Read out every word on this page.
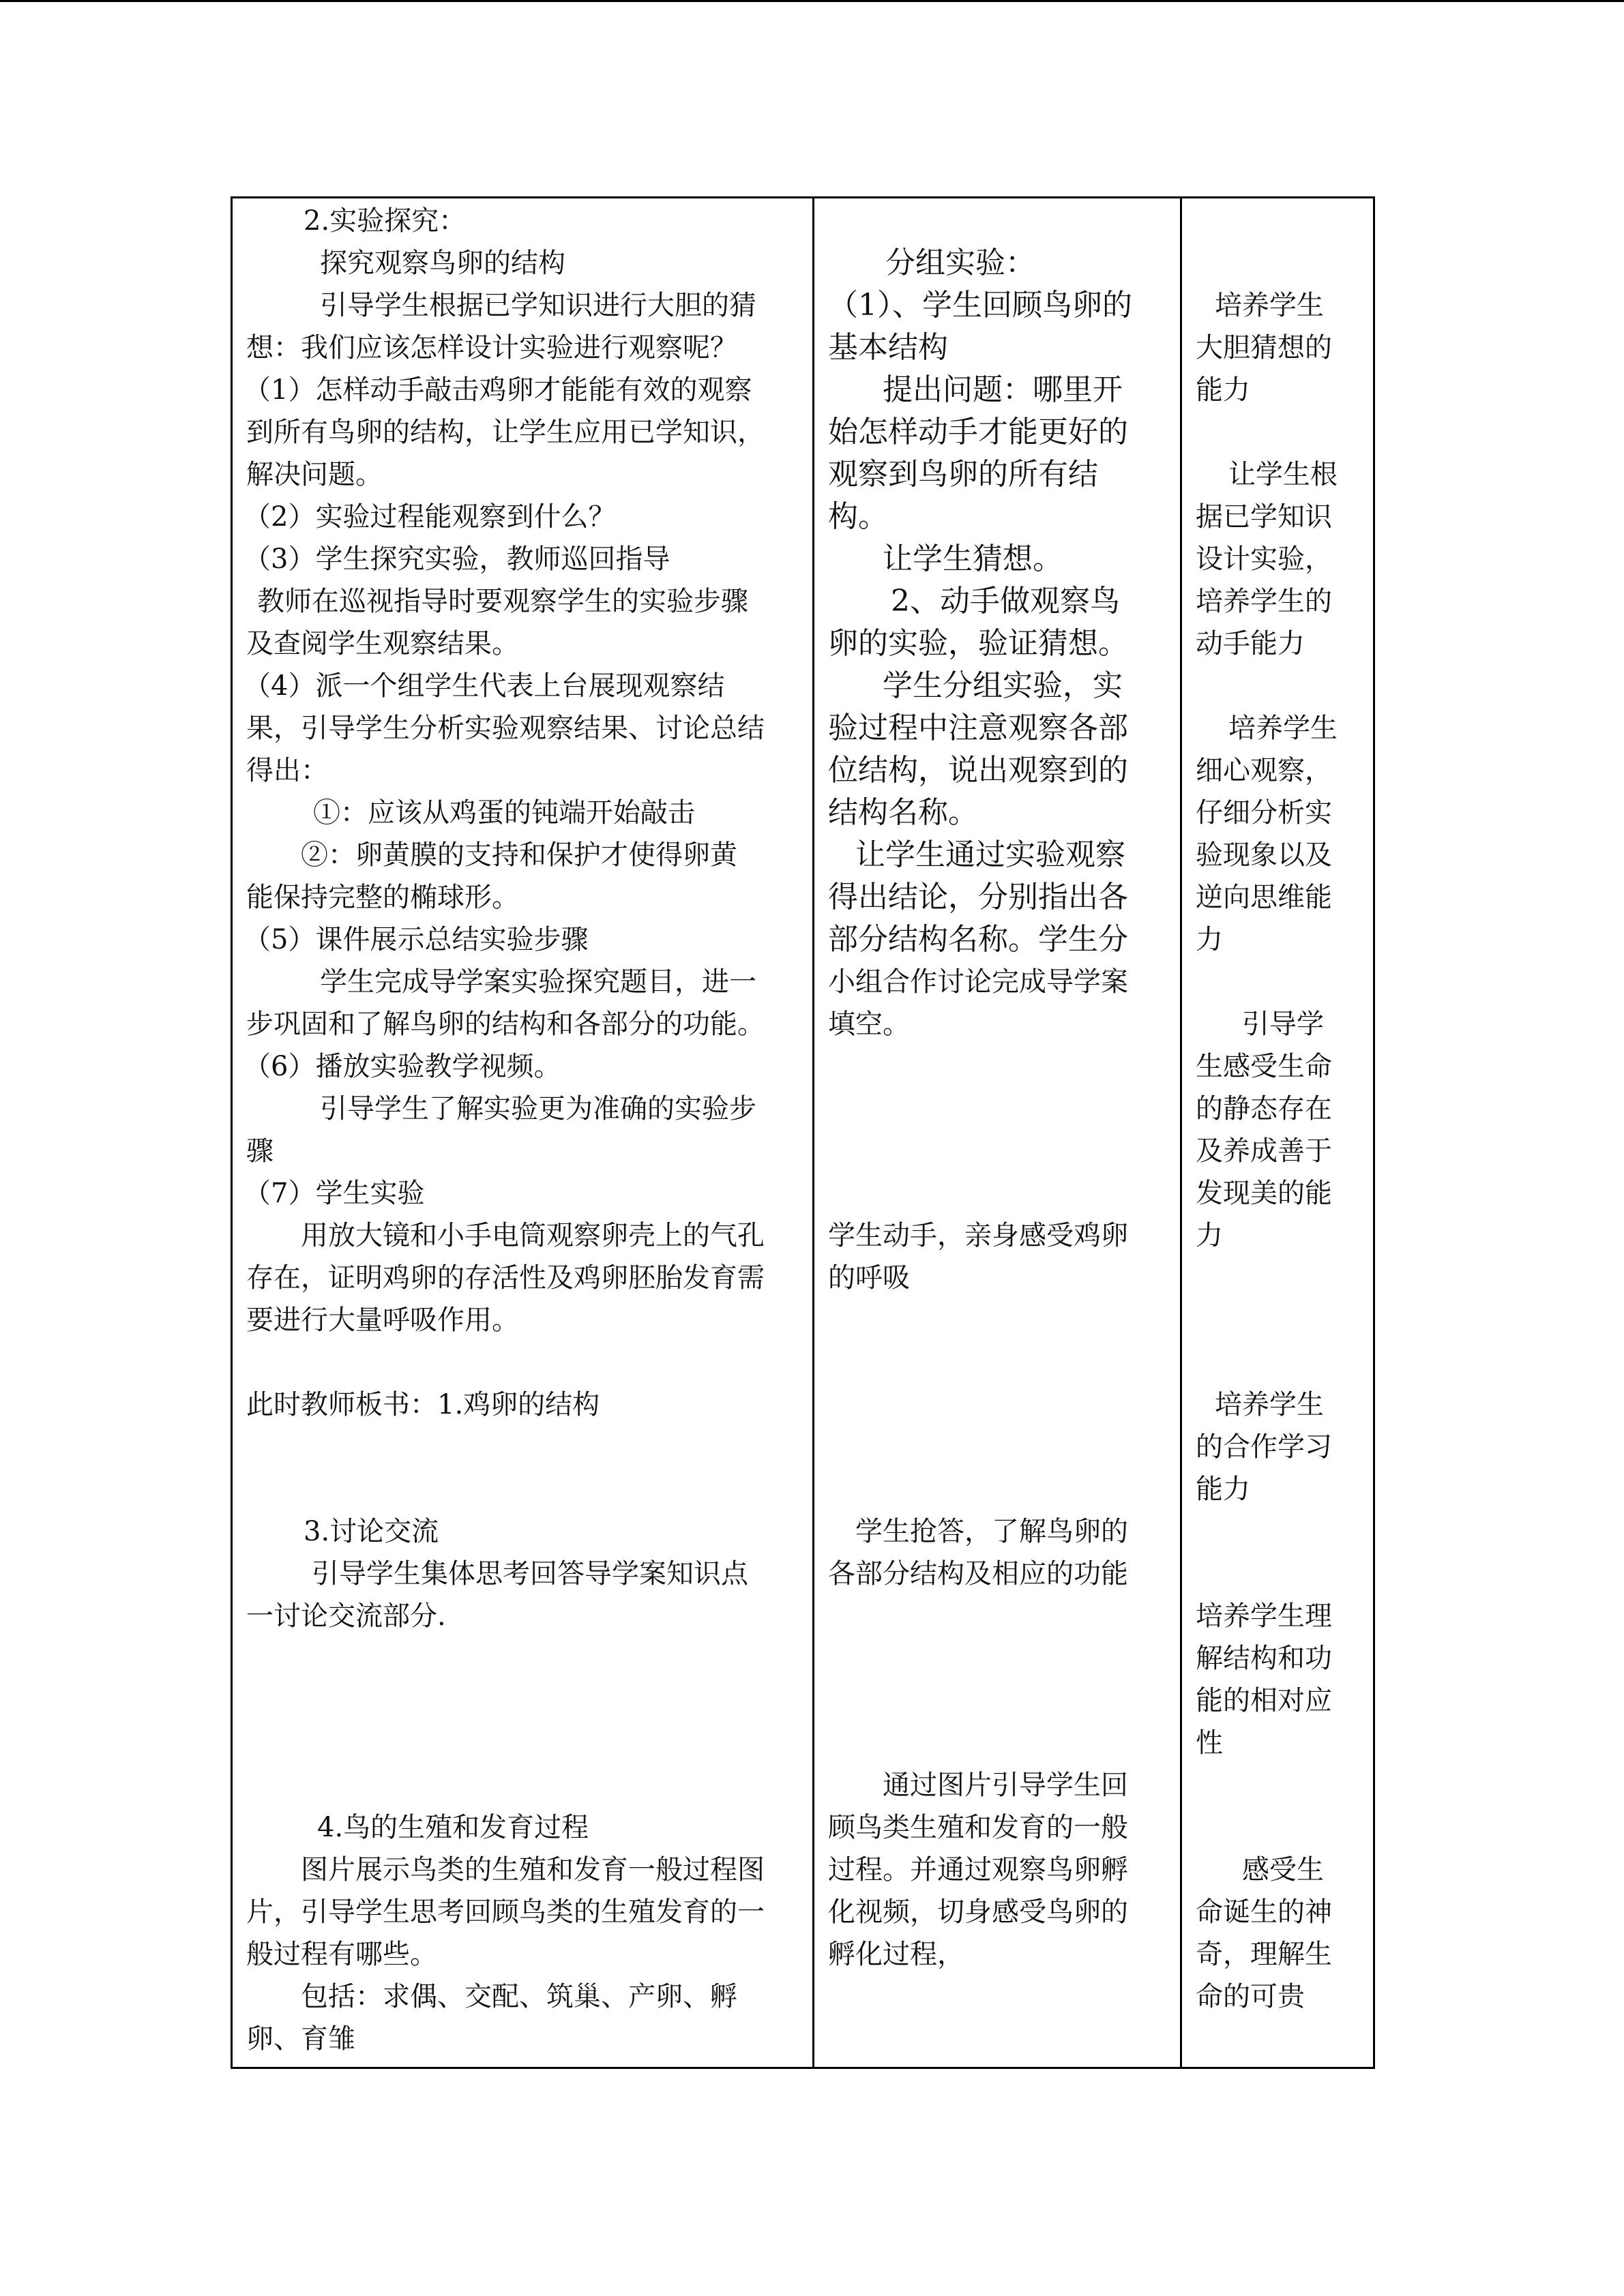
2.实验探究：
探究观察鸟卵的结构
引导学生根据已学知识进行大胆的猜
想：我们应该怎样设计实验进行观察呢？
（1）怎样动手敲击鸡卵才能能有效的观察
到所有鸟卵的结构，让学生应用已学知识，
解决问题。
（2）实验过程能观察到什么？
（3）学生探究实验，教师巡回指导
教师在巡视指导时要观察学生的实验步骤
及查阅学生观察结果。
（4）派一个组学生代表上台展现观察结
果，引导学生分析实验观察结果、讨论总结
得出：
①：应该从鸡蛋的钝端开始敲击
②：卵黄膜的支持和保护才使得卵黄
能保持完整的椭球形。
（5）课件展示总结实验步骤
学生完成导学案实验探究题目，进一
步巩固和了解鸟卵的结构和各部分的功能。
（6）播放实验教学视频。
引导学生了解实验更为准确的实验步
骤
（7）学生实验
用放大镜和小手电筒观察卵壳上的气孔
存在，证明鸡卵的存活性及鸡卵胚胎发育需
要进行大量呼吸作用。
此时教师板书：1.鸡卵的结构
3.讨论交流
引导学生集体思考回答导学案知识点
一讨论交流部分.
4.鸟的生殖和发育过程
图片展示鸟类的生殖和发育一般过程图
片，引导学生思考回顾鸟类的生殖发育的一
般过程有哪些。
包括：求偶、交配、筑巢、产卵、孵
卵、育雏
分组实验：
（1）、学生回顾鸟卵的
基本结构
提出问题：哪里开
始怎样动手才能更好的
观察到鸟卵的所有结
构。
让学生猜想。
2、动手做观察鸟
卵的实验，验证猜想。
学生分组实验，实
验过程中注意观察各部
位结构，说出观察到的
结构名称。
让学生通过实验观察
得出结论，分别指出各
部分结构名称。学生分
小组合作讨论完成导学案
填空。
学生动手，亲身感受鸡卵
的呼吸
学生抢答，了解鸟卵的
各部分结构及相应的功能
通过图片引导学生回
顾鸟类生殖和发育的一般
过程。并通过观察鸟卵孵
化视频，切身感受鸟卵的
孵化过程，
培养学生
大胆猜想的
能力
让学生根
据已学知识
设计实验，
培养学生的
动手能力
培养学生
细心观察，
仔细分析实
验现象以及
逆向思维能
力
引导学
生感受生命
的静态存在
及养成善于
发现美的能
力
培养学生
的合作学习
能力
培养学生理
解结构和功
能的相对应
性
感受生
命诞生的神
奇，理解生
命的可贵
